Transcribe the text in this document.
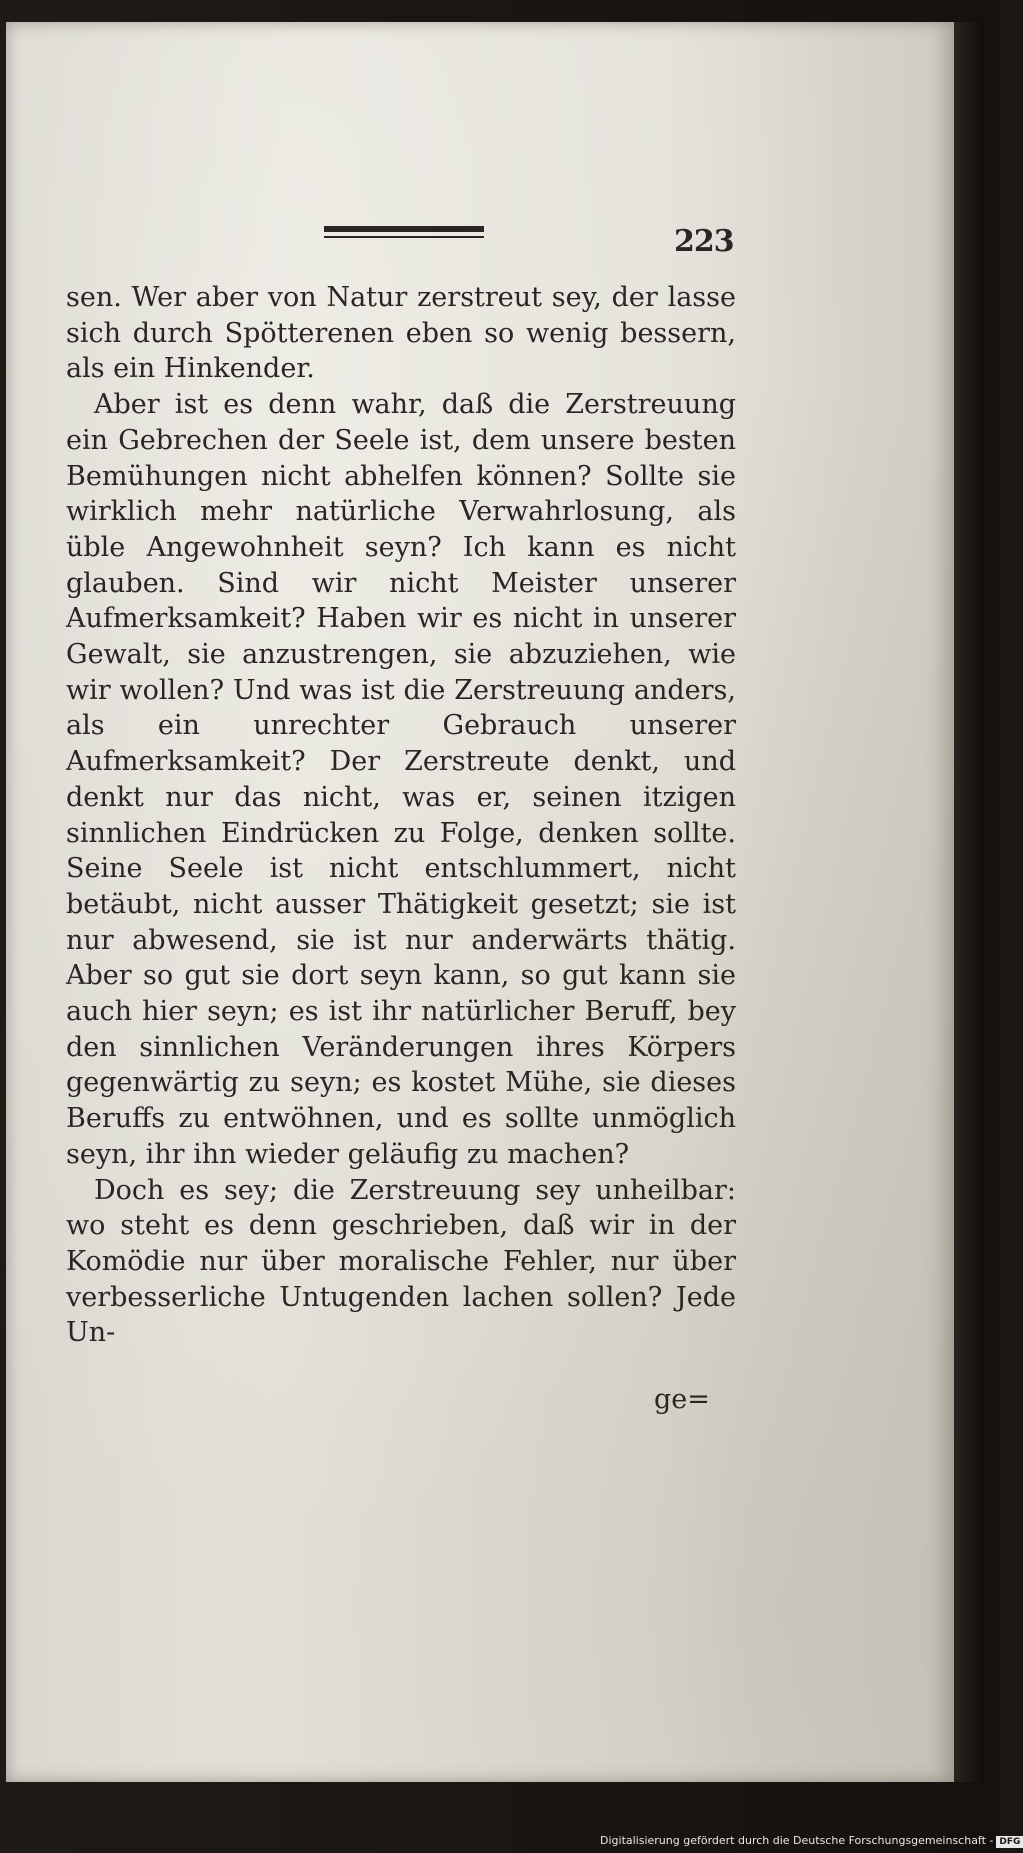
223

sen. Wer aber von Natur zerstreut sey, der lasse sich durch Spötterenen eben so wenig bessern, als ein Hinkender.

Aber ist es denn wahr, daß die Zerstreuung ein Gebrechen der Seele ist, dem unsere besten Bemühungen nicht abhelfen können? Sollte sie wirklich mehr natürliche Verwahrlosung, als üble Angewohnheit seyn? Ich kann es nicht glauben. Sind wir nicht Meister unserer Aufmerksamkeit? Haben wir es nicht in unserer Gewalt, sie anzustrengen, sie abzuziehen, wie wir wollen? Und was ist die Zerstreuung anders, als ein unrechter Gebrauch unserer Aufmerksamkeit? Der Zerstreute denkt, und denkt nur das nicht, was er, seinen itzigen sinnlichen Eindrücken zu Folge, denken sollte. Seine Seele ist nicht entschlummert, nicht betäubt, nicht ausser Thätigkeit gesetzt; sie ist nur abwesend, sie ist nur anderwärts thätig. Aber so gut sie dort seyn kann, so gut kann sie auch hier seyn; es ist ihr natürlicher Beruff, bey den sinnlichen Veränderungen ihres Körpers gegenwärtig zu seyn; es kostet Mühe, sie dieses Beruffs zu entwöhnen, und es sollte unmöglich seyn, ihr ihn wieder geläufig zu machen?

Doch es sey; die Zerstreuung sey unheilbar: wo steht es denn geschrieben, daß wir in der Komödie nur über moralische Fehler, nur über verbesserliche Untugenden lachen sollen? Jede Un-

ge=
Digitalisierung gefördert durch die Deutsche Forschungsgemeinschaft - DFG
